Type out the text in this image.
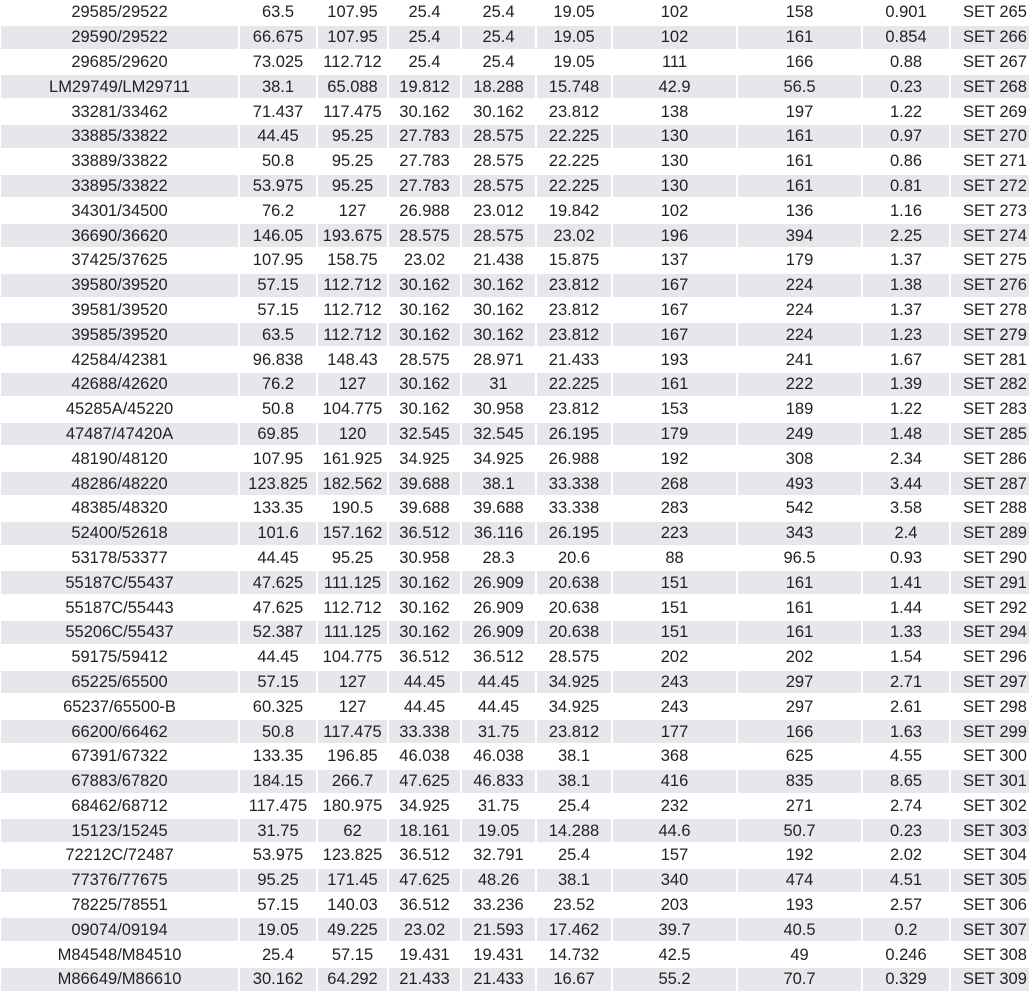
29585/29522	63.5	107.95	25.4	25.4	19.05	102	158	0.901	SET 265
29590/29522	66.675	107.95	25.4	25.4	19.05	102	161	0.854	SET 266
29685/29620	73.025	112.712	25.4	25.4	19.05	111	166	0.88	SET 267
LM29749/LM29711	38.1	65.088	19.812	18.288	15.748	42.9	56.5	0.23	SET 268
33281/33462	71.437	117.475	30.162	30.162	23.812	138	197	1.22	SET 269
33885/33822	44.45	95.25	27.783	28.575	22.225	130	161	0.97	SET 270
33889/33822	50.8	95.25	27.783	28.575	22.225	130	161	0.86	SET 271
33895/33822	53.975	95.25	27.783	28.575	22.225	130	161	0.81	SET 272
34301/34500	76.2	127	26.988	23.012	19.842	102	136	1.16	SET 273
36690/36620	146.05	193.675	28.575	28.575	23.02	196	394	2.25	SET 274
37425/37625	107.95	158.75	23.02	21.438	15.875	137	179	1.37	SET 275
39580/39520	57.15	112.712	30.162	30.162	23.812	167	224	1.38	SET 276
39581/39520	57.15	112.712	30.162	30.162	23.812	167	224	1.37	SET 278
39585/39520	63.5	112.712	30.162	30.162	23.812	167	224	1.23	SET 279
42584/42381	96.838	148.43	28.575	28.971	21.433	193	241	1.67	SET 281
42688/42620	76.2	127	30.162	31	22.225	161	222	1.39	SET 282
45285A/45220	50.8	104.775	30.162	30.958	23.812	153	189	1.22	SET 283
47487/47420A	69.85	120	32.545	32.545	26.195	179	249	1.48	SET 285
48190/48120	107.95	161.925	34.925	34.925	26.988	192	308	2.34	SET 286
48286/48220	123.825	182.562	39.688	38.1	33.338	268	493	3.44	SET 287
48385/48320	133.35	190.5	39.688	39.688	33.338	283	542	3.58	SET 288
52400/52618	101.6	157.162	36.512	36.116	26.195	223	343	2.4	SET 289
53178/53377	44.45	95.25	30.958	28.3	20.6	88	96.5	0.93	SET 290
55187C/55437	47.625	111.125	30.162	26.909	20.638	151	161	1.41	SET 291
55187C/55443	47.625	112.712	30.162	26.909	20.638	151	161	1.44	SET 292
55206C/55437	52.387	111.125	30.162	26.909	20.638	151	161	1.33	SET 294
59175/59412	44.45	104.775	36.512	36.512	28.575	202	202	1.54	SET 296
65225/65500	57.15	127	44.45	44.45	34.925	243	297	2.71	SET 297
65237/65500-B	60.325	127	44.45	44.45	34.925	243	297	2.61	SET 298
66200/66462	50.8	117.475	33.338	31.75	23.812	177	166	1.63	SET 299
67391/67322	133.35	196.85	46.038	46.038	38.1	368	625	4.55	SET 300
67883/67820	184.15	266.7	47.625	46.833	38.1	416	835	8.65	SET 301
68462/68712	117.475	180.975	34.925	31.75	25.4	232	271	2.74	SET 302
15123/15245	31.75	62	18.161	19.05	14.288	44.6	50.7	0.23	SET 303
72212C/72487	53.975	123.825	36.512	32.791	25.4	157	192	2.02	SET 304
77376/77675	95.25	171.45	47.625	48.26	38.1	340	474	4.51	SET 305
78225/78551	57.15	140.03	36.512	33.236	23.52	203	193	2.57	SET 306
09074/09194	19.05	49.225	23.02	21.593	17.462	39.7	40.5	0.2	SET 307
M84548/M84510	25.4	57.15	19.431	19.431	14.732	42.5	49	0.246	SET 308
M86649/M86610	30.162	64.292	21.433	21.433	16.67	55.2	70.7	0.329	SET 309
